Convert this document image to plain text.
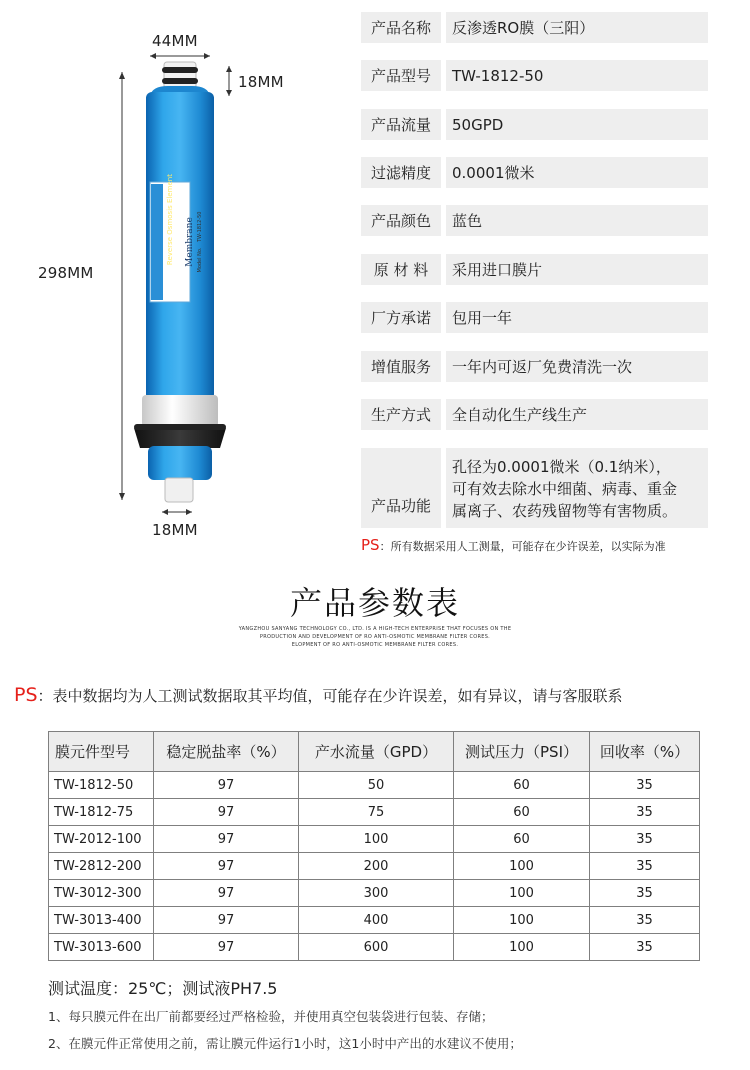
SAYG Reverse Osmosis Element Membrane Model No. TW-1812-50
44MM
18MM
298MM
18MM
产品名称	反渗透RO膜（三阳）
产品型号	TW-1812-50
产品流量	50GPD
过滤精度	0.0001微米
产品颜色	蓝色
原 材 料	采用进口膜片
厂方承诺	包用一年
增值服务	一年内可返厂免费清洗一次
生产方式	全自动化生产线生产
产品功能
孔径为0.0001微米（0.1纳米），
可有效去除水中细菌、病毒、重金
属离子、农药残留物等有害物质。
PS：所有数据采用人工测量，可能存在少许误差，以实际为准
产品参数表
YANGZHOU SANYANG TECHNOLOGY CO., LTD. IS A HIGH-TECH ENTERPRISE THAT FOCUSES ON THE
PRODUCTION AND DEVELOPMENT OF RO ANTI-OSMOTIC MEMBRANE FILTER CORES.
ELOPMENT OF RO ANTI-OSMOTIC MEMBRANE FILTER CORES.
PS：表中数据均为人工测试数据取其平均值，可能存在少许误差，如有异议，请与客服联系
膜元件型号	稳定脱盐率（%）	产水流量（GPD）	测试压力（PSI）	回收率（%）
TW-1812-50	97	50	60	35
TW-1812-75	97	75	60	35
TW-2012-100	97	100	60	35
TW-2812-200	97	200	100	35
TW-3012-300	97	300	100	35
TW-3013-400	97	400	100	35
TW-3013-600	97	600	100	35
测试温度：25℃；测试液PH7.5
1、每只膜元件在出厂前都要经过严格检验，并使用真空包装袋进行包装、存储；
2、在膜元件正常使用之前，需让膜元件运行1小时，这1小时中产出的水建议不使用；
